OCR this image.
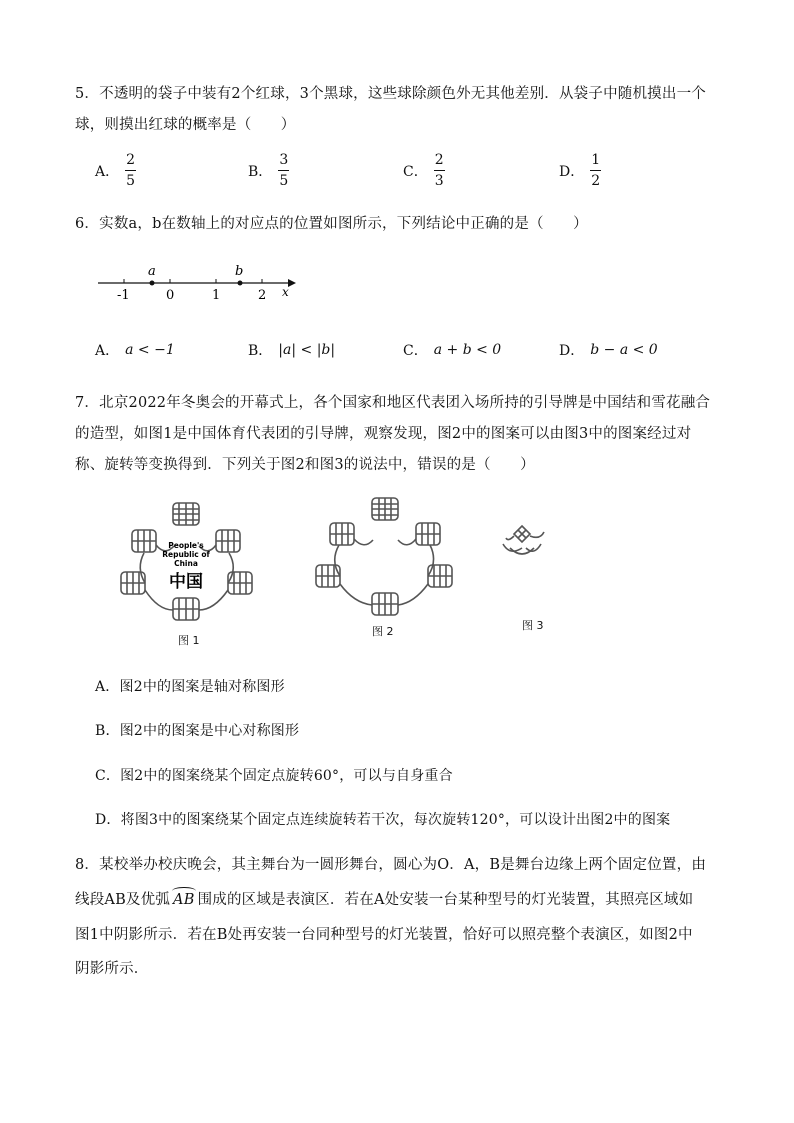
5．不透明的袋子中装有2个红球，3个黑球，这些球除颜色外无其他差别．从袋子中随机摸出一个
球，则摸出红球的概率是（　　）
A． $\frac{2}{5}$	B． $\frac{3}{5}$	C． $\frac{2}{3}$	D． $\frac{1}{2}$
6．实数a，b在数轴上的对应点的位置如图所示，下列结论中正确的是（　　）
a	b
-1	0	1	2 x
A． a < −1	B． |a| < |b|	C． a + b < 0	D． b − a < 0
7．北京2022年冬奥会的开幕式上，各个国家和地区代表团入场所持的引导牌是中国结和雪花融合
的造型，如图1是中国体育代表团的引导牌，观察发现，图2中的图案可以由图3中的图案经过对
称、旋转等变换得到．下列关于图2和图3的说法中，错误的是（　　）
People's
Republic of
China
中国
图 1
图 2	图 3
A．图2中的图案是轴对称图形
B．图2中的图案是中心对称图形
C．图2中的图案绕某个固定点旋转60°，可以与自身重合
D．将图3中的图案绕某个固定点连续旋转若干次，每次旋转120°，可以设计出图2中的图案
8．某校举办校庆晚会，其主舞台为一圆形舞台，圆心为O．A，B是舞台边缘上两个固定位置，由
线段AB及优弧 AB 围成的区域是表演区．若在A处安装一台某种型号的灯光装置，其照亮区域如
图1中阴影所示．若在B处再安装一台同种型号的灯光装置，恰好可以照亮整个表演区，如图2中
阴影所示．
